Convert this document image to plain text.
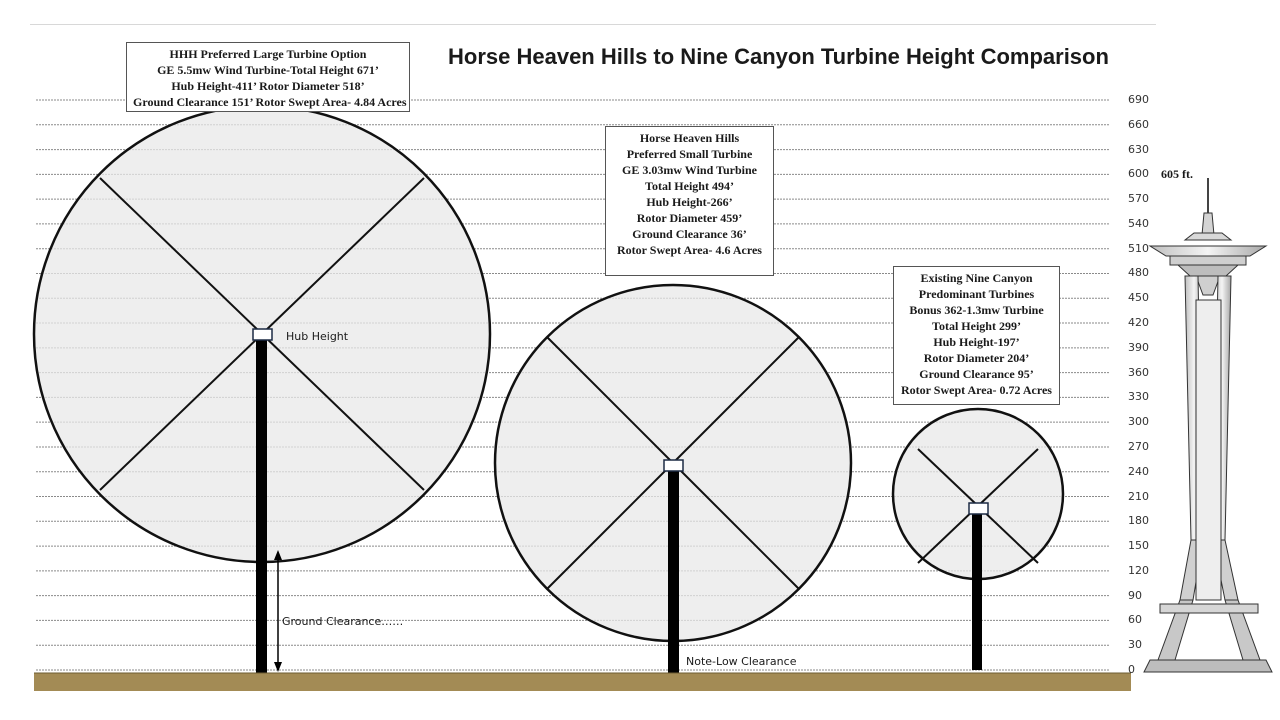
Horse Heaven Hills to Nine Canyon Turbine Height Comparison
HHH Preferred Large Turbine Option
GE 5.5mw Wind Turbine-Total Height 671’
Hub Height-411’ Rotor Diameter 518’
Ground Clearance 151’ Rotor Swept Area- 4.84 Acres
Horse Heaven Hills
Preferred Small Turbine
GE 3.03mw Wind Turbine
Total Height 494’
Hub Height-266’
Rotor Diameter 459’
Ground Clearance 36’
Rotor Swept Area- 4.6 Acres
Existing Nine Canyon
Predominant Turbines
Bonus 362-1.3mw Turbine
Total Height 299’
Hub Height-197’
Rotor Diameter 204’
Ground Clearance 95’
Rotor Swept Area- 0.72 Acres
Hub Height
Ground Clearance……
Note-Low Clearance
605 ft.
690
660
630
600
570
540
510
480
450
420
390
360
330
300
270
240
210
180
150
120
90
60
30
0
